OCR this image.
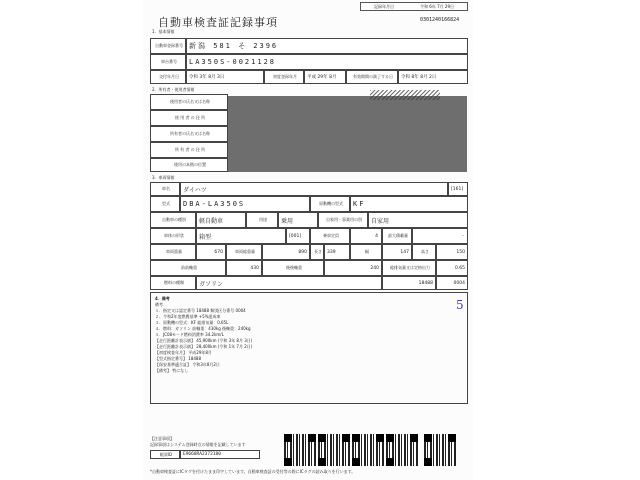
自動車検査証記録事項
記録年月日	令和 6年 7月 29日
0301240166824
1．基本情報
自動車登録番号 新潟 581 そ 2396
車台番号	LA350S-0021128
交付年月日	令和 3年 8月 3日	初度登録年月	平成 29年 8月	有効期間の満了する日	令和 8年 8月 2日
2．所有者・使用者情報
使用者の氏名又は名称
使 用 者 の 住 所
所有者の氏名又は名称
所 有 者 の 住 所
使用の本拠の位置
3．車両情報
車名	ダイハツ	[161]
型式	DBA-LA350S	原動機の型式	KF
自動車の種別	軽自動車	用途	乗用	自家用・事業用の別	自家用
車体の形状	箱型	[001]	乗車定員	4	最大積載量	-
車両重量	670	車両総重量	890	長さ	339	幅	147	高さ	150
前前軸重	430	後後軸重	240	総排気量又は定格出力	0.65
燃料の種類	ガソリン	18488	0004
4．備考
備考
１．指定又は認定番号 18488 類別区分番号 0004
２．令和2年度燃費基準 +5%達成車
３．原動機の型式：KF 総排気量：0.65L
４．燃料：ガソリン 前軸重：430kg 後軸重：240kg
５．JC08モード燃料消費率 34.2km/L
【走行距離計表示値】 45,900km (令和 3年 8月 3日)
【走行距離計表示値】 28,400km (令和 1年 7月 2日)
【初度検査年月】 平成29年8月
【型式指定番号】 18488
【保安基準適合証】 令和3年8月2日
【備考】 特になし
5
【注意事項】
記録事項はシステム登録時点の情報を記載しています
帳票ID	E9668RA2372180
*自動車検査証にICタグを付けたまま印字しています。自動車検査証の受付等の際にICタグの読み取りを行います。
